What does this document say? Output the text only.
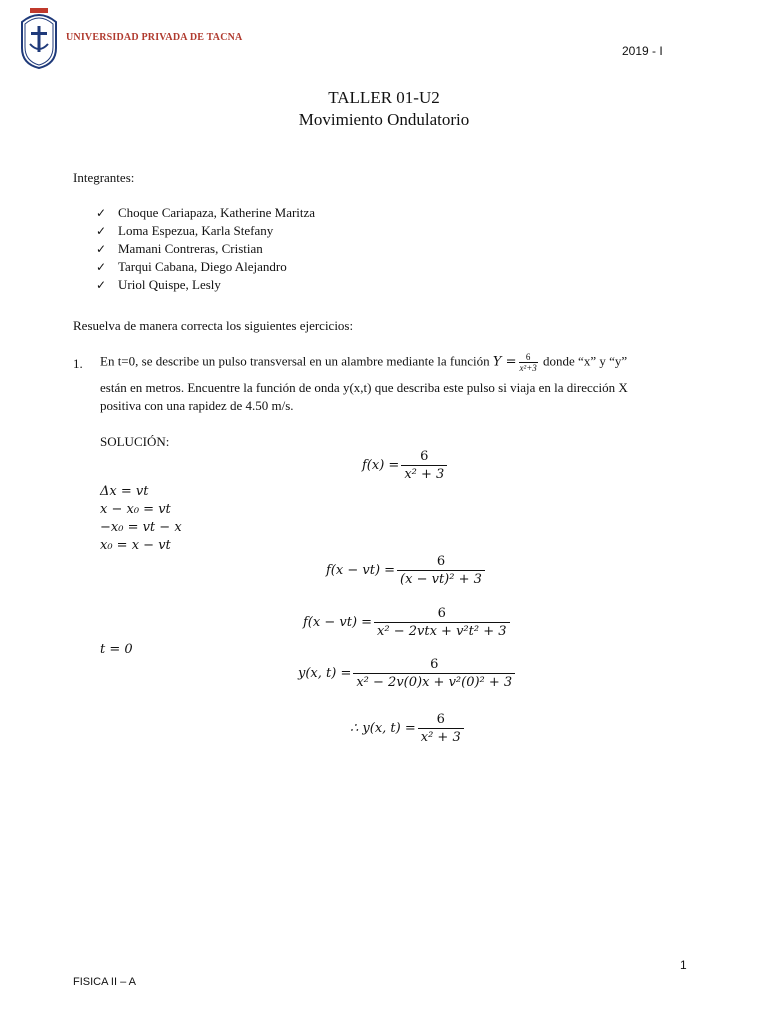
UNIVERSIDAD PRIVADA DE TACNA
2019 - I
TALLER 01-U2
Movimiento Ondulatorio
Integrantes:
✓ Choque Cariapaza, Katherine Maritza
✓ Loma Espezua, Karla Stefany
✓ Mamani Contreras, Cristian
✓ Tarqui Cabana, Diego Alejandro
✓ Uriol Quispe, Lesly
Resuelva de manera correcta los siguientes ejercicios:
1. En t=0, se describe un pulso transversal en un alambre mediante la función $Y = \frac{6}{\text{x²+3}}$ donde “x” y “y”
están en metros. Encuentre la función de onda y(x,t) que describa este pulso si viaja en la dirección X
positiva con una rapidez de 4.50 m/s.
SOLUCIÓN:
$f(x) = \frac{6}{\text{x² + 3}}$
Δx = vt
x − x₀ = vt
−x₀ = vt − x
x₀ = x − vt
$f(x - vt) = \frac{6}{\text{(x − vt)² + 3}}$
$f(x - vt) = \frac{6}{\text{x² − 2vtx + v²t² + 3}}$
t = 0
y(x, $t) = \frac{6}{\text{x² − 2v(0)x + v²(0)² + 3}}$
∴ y(x, $t) = \frac{6}{\text{x² + 3}}$
1
FISICA II – A
